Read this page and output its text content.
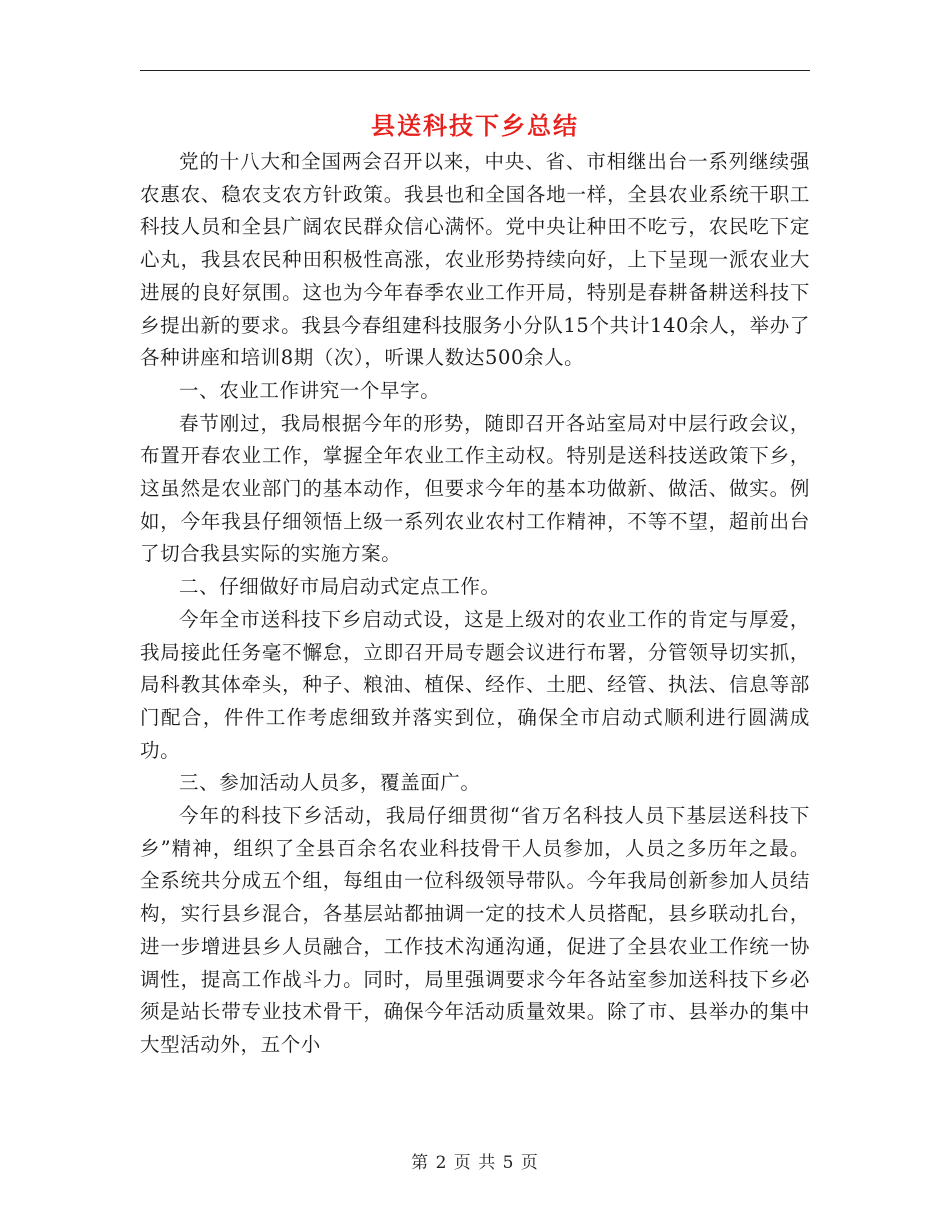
县送科技下乡总结

党的十八大和全国两会召开以来，中央、省、市相继出台一系列继续强农惠农、稳农支农方针政策。我县也和全国各地一样，全县农业系统干职工科技人员和全县广阔农民群众信心满怀。党中央让种田不吃亏，农民吃下定心丸，我县农民种田积极性高涨，农业形势持续向好，上下呈现一派农业大进展的良好氛围。这也为今年春季农业工作开局，特别是春耕备耕送科技下乡提出新的要求。我县今春组建科技服务小分队15个共计140余人，举办了各种讲座和培训8期（次），听课人数达500余人。

一、农业工作讲究一个早字。

春节刚过，我局根据今年的形势，随即召开各站室局对中层行政会议，布置开春农业工作，掌握全年农业工作主动权。特别是送科技送政策下乡，这虽然是农业部门的基本动作，但要求今年的基本功做新、做活、做实。例如，今年我县仔细领悟上级一系列农业农村工作精神，不等不望，超前出台了切合我县实际的实施方案。

二、仔细做好市局启动式定点工作。

今年全市送科技下乡启动式设，这是上级对的农业工作的肯定与厚爱，我局接此任务毫不懈怠，立即召开局专题会议进行布署，分管领导切实抓，局科教其体牵头，种子、粮油、植保、经作、土肥、经管、执法、信息等部门配合，件件工作考虑细致并落实到位，确保全市启动式顺利进行圆满成功。

三、参加活动人员多，覆盖面广。

今年的科技下乡活动，我局仔细贯彻“省万名科技人员下基层送科技下乡”精神，组织了全县百余名农业科技骨干人员参加，人员之多历年之最。全系统共分成五个组，每组由一位科级领导带队。今年我局创新参加人员结构，实行县乡混合，各基层站都抽调一定的技术人员搭配，县乡联动扎台，进一步增进县乡人员融合，工作技术沟通沟通，促进了全县农业工作统一协调性，提高工作战斗力。同时，局里强调要求今年各站室参加送科技下乡必须是站长带专业技术骨干，确保今年活动质量效果。除了市、县举办的集中大型活动外，五个小

第 2 页 共 5 页
